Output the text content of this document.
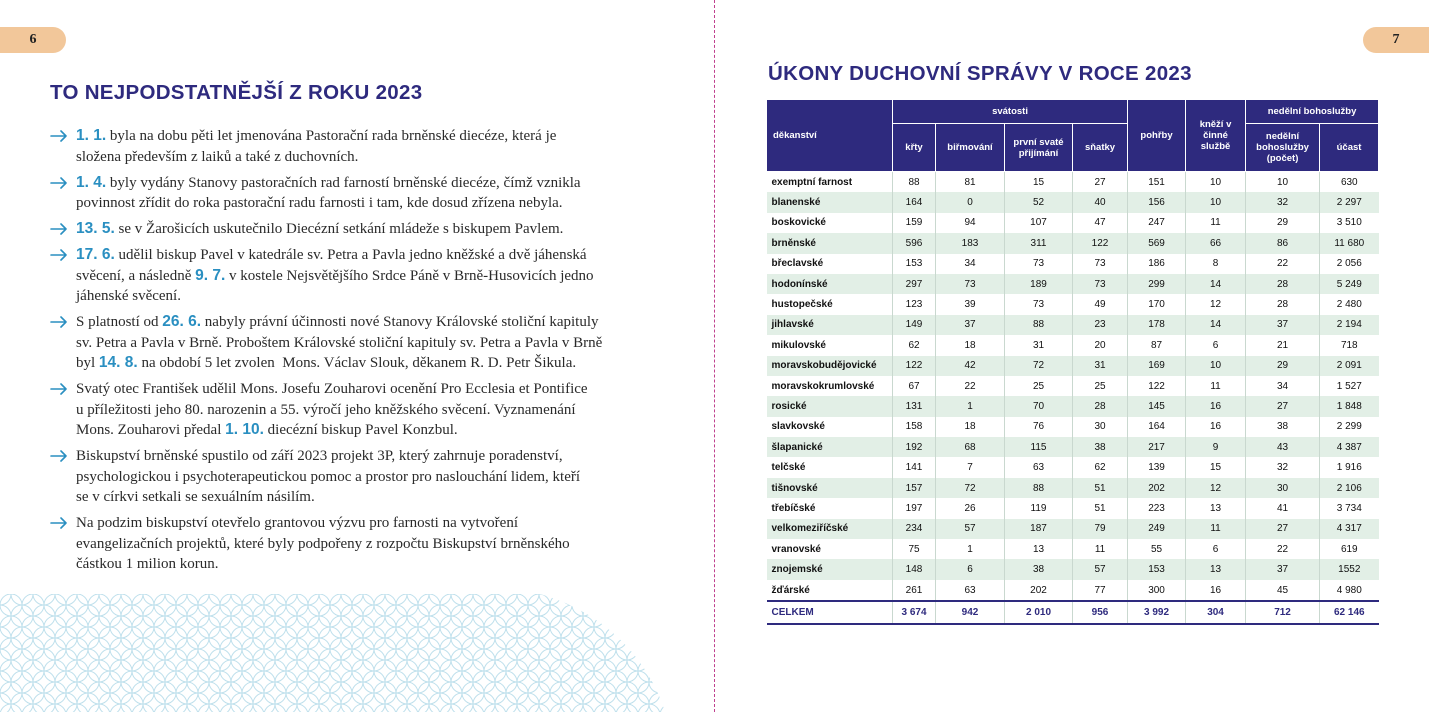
6
TO NEJPODSTATNĚJŠÍ Z ROKU 2023
1. 1. byla na dobu pěti let jmenována Pastorační rada brněnské diecéze, která je
složena především z laiků a také z duchovních.
1. 4. byly vydány Stanovy pastoračních rad farností brněnské diecéze, čímž vznikla
povinnost zřídit do roka pastorační radu farnosti i tam, kde dosud zřízena nebyla.
13. 5. se v Žarošicích uskutečnilo Diecézní setkání mládeže s biskupem Pavlem.
17. 6. udělil biskup Pavel v katedrále sv. Petra a Pavla jedno kněžské a dvě jáhenská
svěcení, a následně 9. 7. v kostele Nejsvětějšího Srdce Páně v Brně-Husovicích jedno
jáhenské svěcení.
S platností od 26. 6. nabyly právní účinnosti nové Stanovy Královské stoliční kapituly
sv. Petra a Pavla v Brně. Proboštem Královské stoliční kapituly sv. Petra a Pavla v Brně
byl 14. 8. na období 5 let zvolen  Mons. Václav Slouk, děkanem R. D. Petr Šikula.
Svatý otec František udělil Mons. Josefu Zouharovi ocenění Pro Ecclesia et Pontifice
u příležitosti jeho 80. narozenin a 55. výročí jeho kněžského svěcení. Vyznamenání
Mons. Zouharovi předal 1. 10. diecézní biskup Pavel Konzbul.
Biskupství brněnské spustilo od září 2023 projekt 3P, který zahrnuje poradenství,
psychologickou i psychoterapeutickou pomoc a prostor pro naslouchání lidem, kteří
se v církvi setkali se sexuálním násilím.
Na podzim biskupství otevřelo grantovou výzvu pro farnosti na vytvoření
evangelizačních projektů, které byly podpořeny z rozpočtu Biskupství brněnského
částkou 1 milion korun.
7
ÚKONY DUCHOVNÍ SPRÁVY V ROCE 2023
děkanství	svátosti				pohřby	kněží v činné službě	nedělní bohoslužby	
	křty	biřmování	první svaté přijímání	sňatky			nedělní bohoslužby (počet)	účast
exemptní farnost	88	81	15	27	151	10	10	630
blanenské	164	0	52	40	156	10	32	2 297
boskovické	159	94	107	47	247	11	29	3 510
brněnské	596	183	311	122	569	66	86	11 680
břeclavské	153	34	73	73	186	8	22	2 056
hodonínské	297	73	189	73	299	14	28	5 249
hustopečské	123	39	73	49	170	12	28	2 480
jihlavské	149	37	88	23	178	14	37	2 194
mikulovské	62	18	31	20	87	6	21	718
moravskobudějovické	122	42	72	31	169	10	29	2 091
moravskokrumlovské	67	22	25	25	122	11	34	1 527
rosické	131	1	70	28	145	16	27	1 848
slavkovské	158	18	76	30	164	16	38	2 299
šlapanické	192	68	115	38	217	9	43	4 387
telčské	141	7	63	62	139	15	32	1 916
tišnovské	157	72	88	51	202	12	30	2 106
třebíčské	197	26	119	51	223	13	41	3 734
velkomeziříčské	234	57	187	79	249	11	27	4 317
vranovské	75	1	13	11	55	6	22	619
znojemské	148	6	38	57	153	13	37	1552
žďárské	261	63	202	77	300	16	45	4 980
CELKEM	3 674	942	2 010	956	3 992	304	712	62 146
